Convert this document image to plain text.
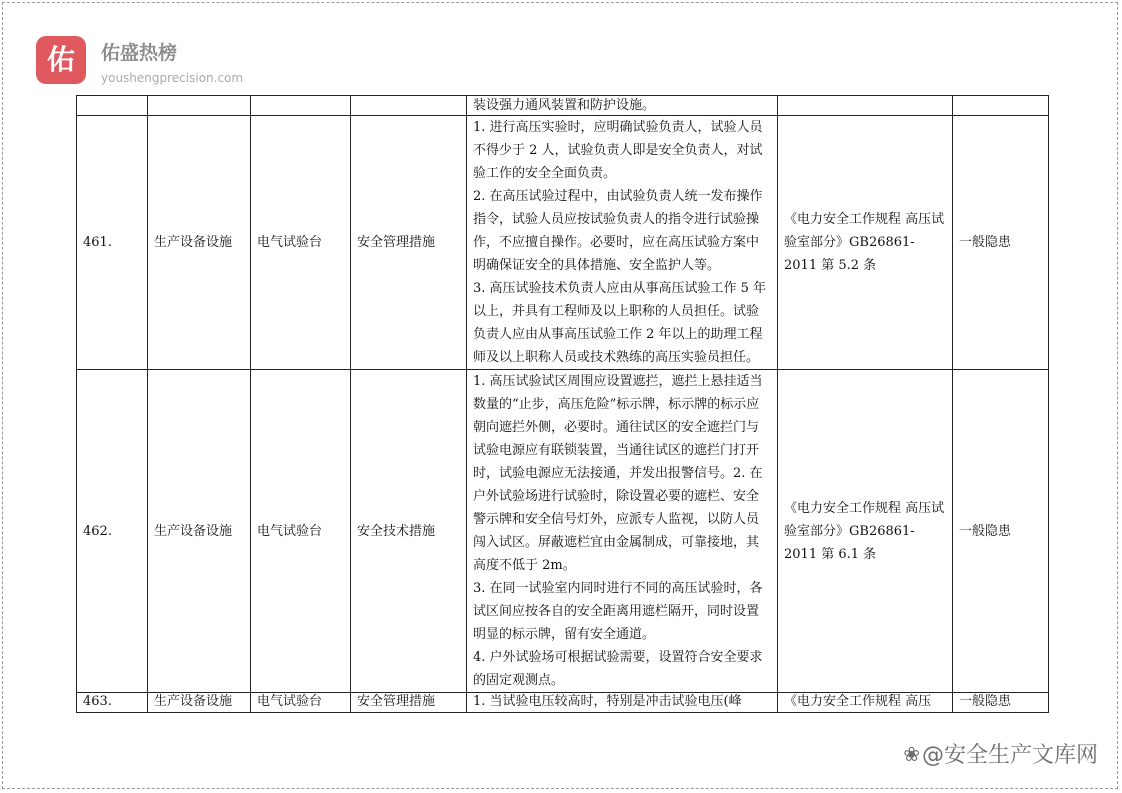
佑	佑盛热榜
youshengprecision.com
				装设强力通风装置和防护设施。		
461.	生产设备设施	电气试验台	安全管理措施	1. 进行高压实验时，应明确试验负责人，试验人员不得少于 2 人，试验负责人即是安全负责人，对试验工作的安全全面负责。
2. 在高压试验过程中，由试验负责人统一发布操作指令，试验人员应按试验负责人的指令进行试验操作，不应擅自操作。必要时，应在高压试验方案中明确保证安全的具体措施、安全监护人等。
3. 高压试验技术负责人应由从事高压试验工作 5 年以上，并具有工程师及以上职称的人员担任。试验负责人应由从事高压试验工作 2 年以上的助理工程师及以上职称人员或技术熟练的高压实验员担任。	《电力安全工作规程 高压试验室部分》GB26861-2011 第 5.2 条	一般隐患
462.	生产设备设施	电气试验台	安全技术措施	1. 高压试验试区周围应设置遮拦，遮拦上悬挂适当数量的“止步，高压危险”标示牌，标示牌的标示应朝向遮拦外侧，必要时。通往试区的安全遮拦门与试验电源应有联锁装置，当通往试区的遮拦门打开时，试验电源应无法接通，并发出报警信号。2. 在户外试验场进行试验时，除设置必要的遮栏、安全警示牌和安全信号灯外，应派专人监视，以防人员闯入试区。屏蔽遮栏宜由金属制成，可靠接地，其高度不低于 2m。
3. 在同一试验室内同时进行不同的高压试验时，各试区间应按各自的安全距离用遮栏隔开，同时设置明显的标示牌，留有安全通道。
4. 户外试验场可根据试验需要，设置符合安全要求的固定观测点。	《电力安全工作规程 高压试验室部分》GB26861-2011 第 6.1 条	一般隐患
463.	生产设备设施	电气试验台	安全管理措施	1. 当试验电压较高时，特别是冲击试验电压(峰	《电力安全工作规程 高压	一般隐患
❀ @安全生产文库网
